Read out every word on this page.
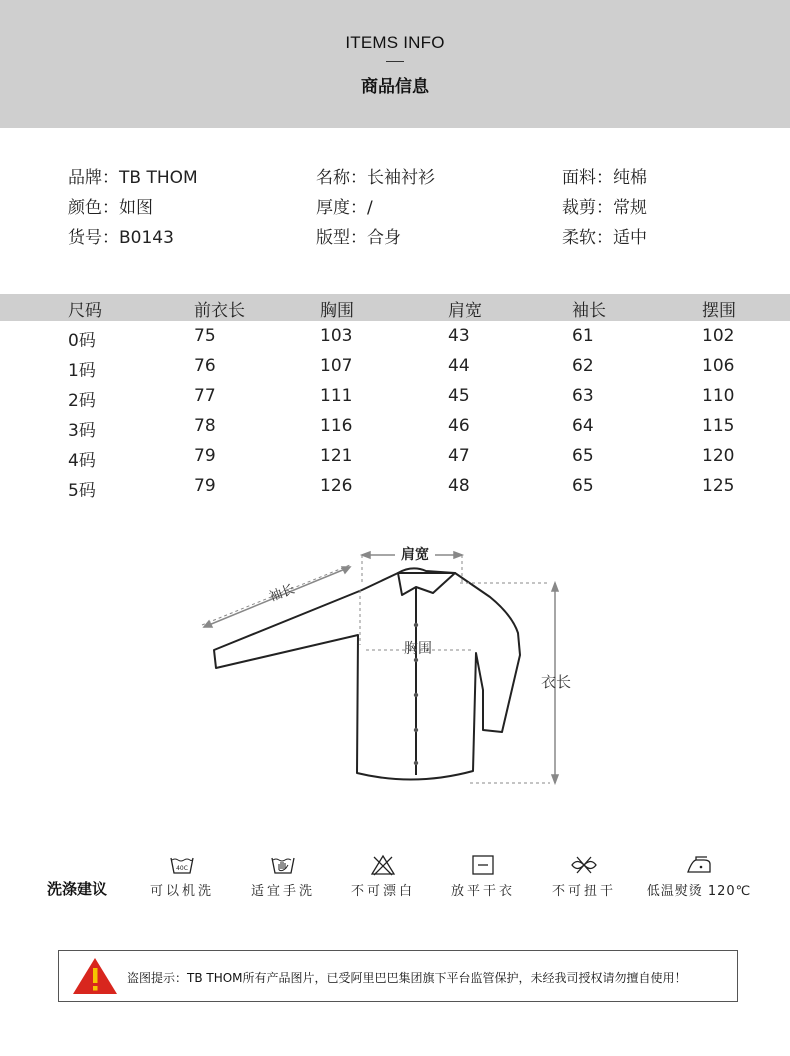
ITEMS INFO
商品信息
品牌：TB THOM	名称：长袖衬衫	面料：纯棉
颜色：如图	厚度：/	裁剪：常规
货号：B0143	版型：合身	柔软：适中
尺码	前衣长	胸围	肩宽	袖长	摆围
0码	75	103	43	61	102
1码	76	107	44	62	106
2码	77	111	45	63	110
3码	78	116	46	64	115
4码	79	121	47	65	120
5码	79	126	48	65	125
肩宽
袖长
胸围
衣长
洗涤建议
40C
可以机洗	适宜手洗	不可漂白	放平干衣	不可扭干	低温熨烫 120℃
盗图提示：TB THOM所有产品图片，已受阿里巴巴集团旗下平台监管保护，未经我司授权请勿擅自使用！
